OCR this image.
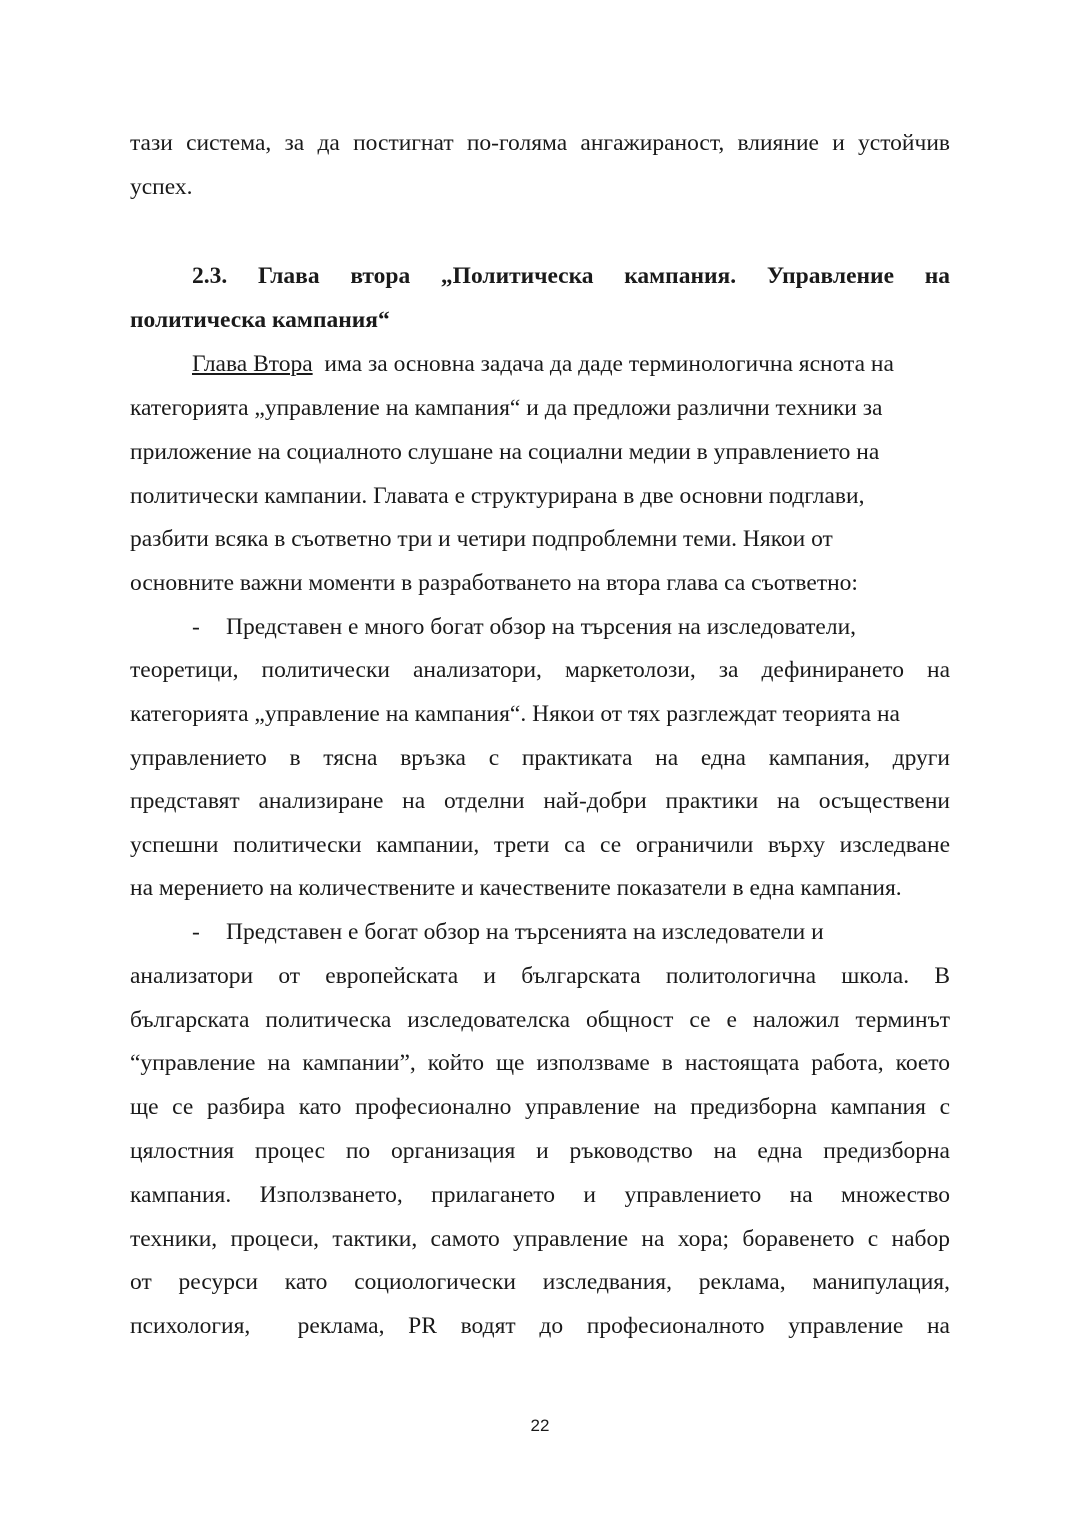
тази система, за да постигнат по-голяма ангажираност, влияние и устойчив
успех.
2.3. Глава втора „Политическа кампания. Управление на
политическа кампания“
Глава Втора  има за основна задача да даде терминологична яснота на
категорията „управление на кампания“ и да предложи различни техники за
приложение на социалното слушане на социални медии в управлението на
политически кампании. Главата е структурирана в две основни подглави,
разбити всяка в съответно три и четири подпроблемни теми. Някои от
основните важни моменти в разработването на втора глава са съответно:
- Представен е много богат обзор на търсения на изследователи,
теоретици, политически анализатори, маркетолози, за дефинирането на
категорията „управление на кампания“. Някои от тях разглеждат теорията на
управлението в тясна връзка с практиката на една кампания, други
представят анализиране на отделни най-добри практики на осъществени
успешни политически кампании, трети са се ограничили върху изследване
на мерението на количествените и качествените показатели в една кампания.
- Представен е богат обзор на търсенията на изследователи и
анализатори от европейската и българската политологична школа. В
българската политическа изследователска общност се е наложил терминът
“управление на кампании”, който ще използваме в настоящата работа, което
ще се разбира като професионално управление на предизборна кампания с
цялостния процес по организация и ръководство на една предизборна
кампания. Използването, прилагането и управлението на множество
техники, процеси, тактики, самото управление на хора; боравенето с набор
от ресурси като социологически изследвания, реклама, манипулация,
психология,  реклама, PR водят до професионалното управление на
22
